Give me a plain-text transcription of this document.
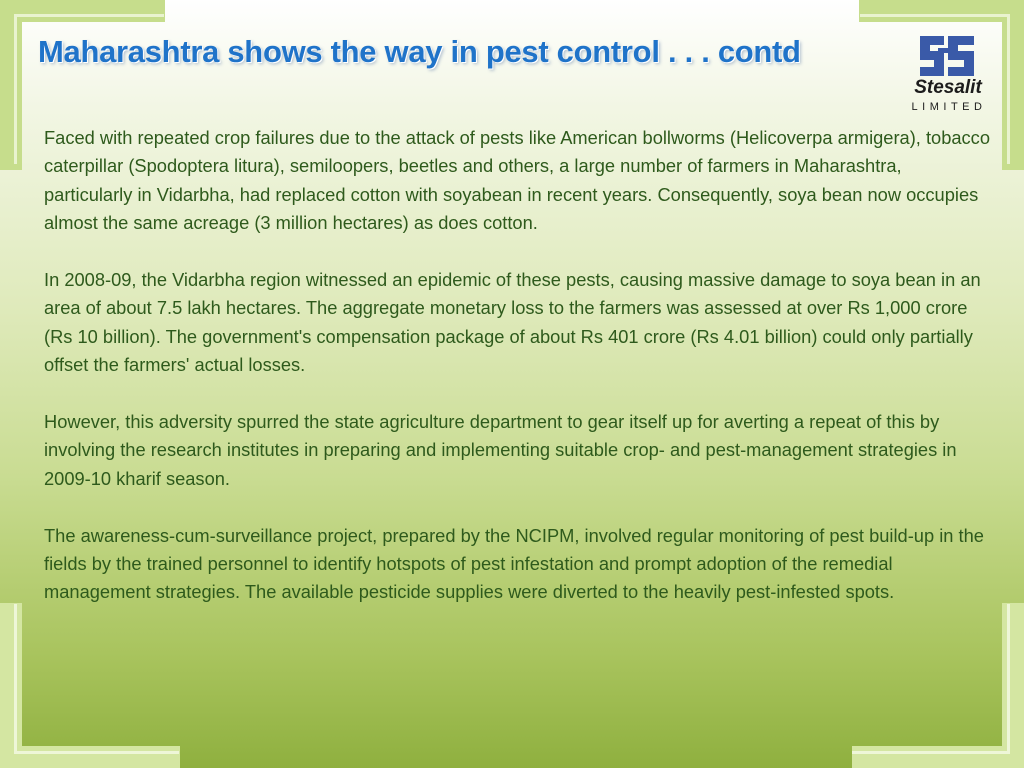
Maharashtra shows the way in pest control . . . contd
Stesalit
LIMITED

Faced with repeated crop failures due to the attack of pests like American bollworms (Helicoverpa armigera), tobacco caterpillar (Spodoptera litura), semiloopers, beetles and others, a large number of farmers in Maharashtra, particularly in Vidarbha, had replaced cotton with soyabean in recent years. Consequently, soya bean now occupies almost the same acreage (3 million hectares) as does cotton.

In 2008-09, the Vidarbha region witnessed an epidemic of these pests, causing massive damage to soya bean in an area of about 7.5 lakh hectares. The aggregate monetary loss to the farmers was assessed at over Rs 1,000 crore (Rs 10 billion). The government's compensation package of about Rs 401 crore (Rs 4.01 billion) could only partially offset the farmers' actual losses.

However, this adversity spurred the state agriculture department to gear itself up for averting a repeat of this by involving the research institutes in preparing and implementing suitable crop- and pest-management strategies in 2009-10 kharif season.

The awareness-cum-surveillance project, prepared by the NCIPM, involved regular monitoring of pest build-up in the fields by the trained personnel to identify hotspots of pest infestation and prompt adoption of the remedial management strategies. The available pesticide supplies were diverted to the heavily pest-infested spots.
